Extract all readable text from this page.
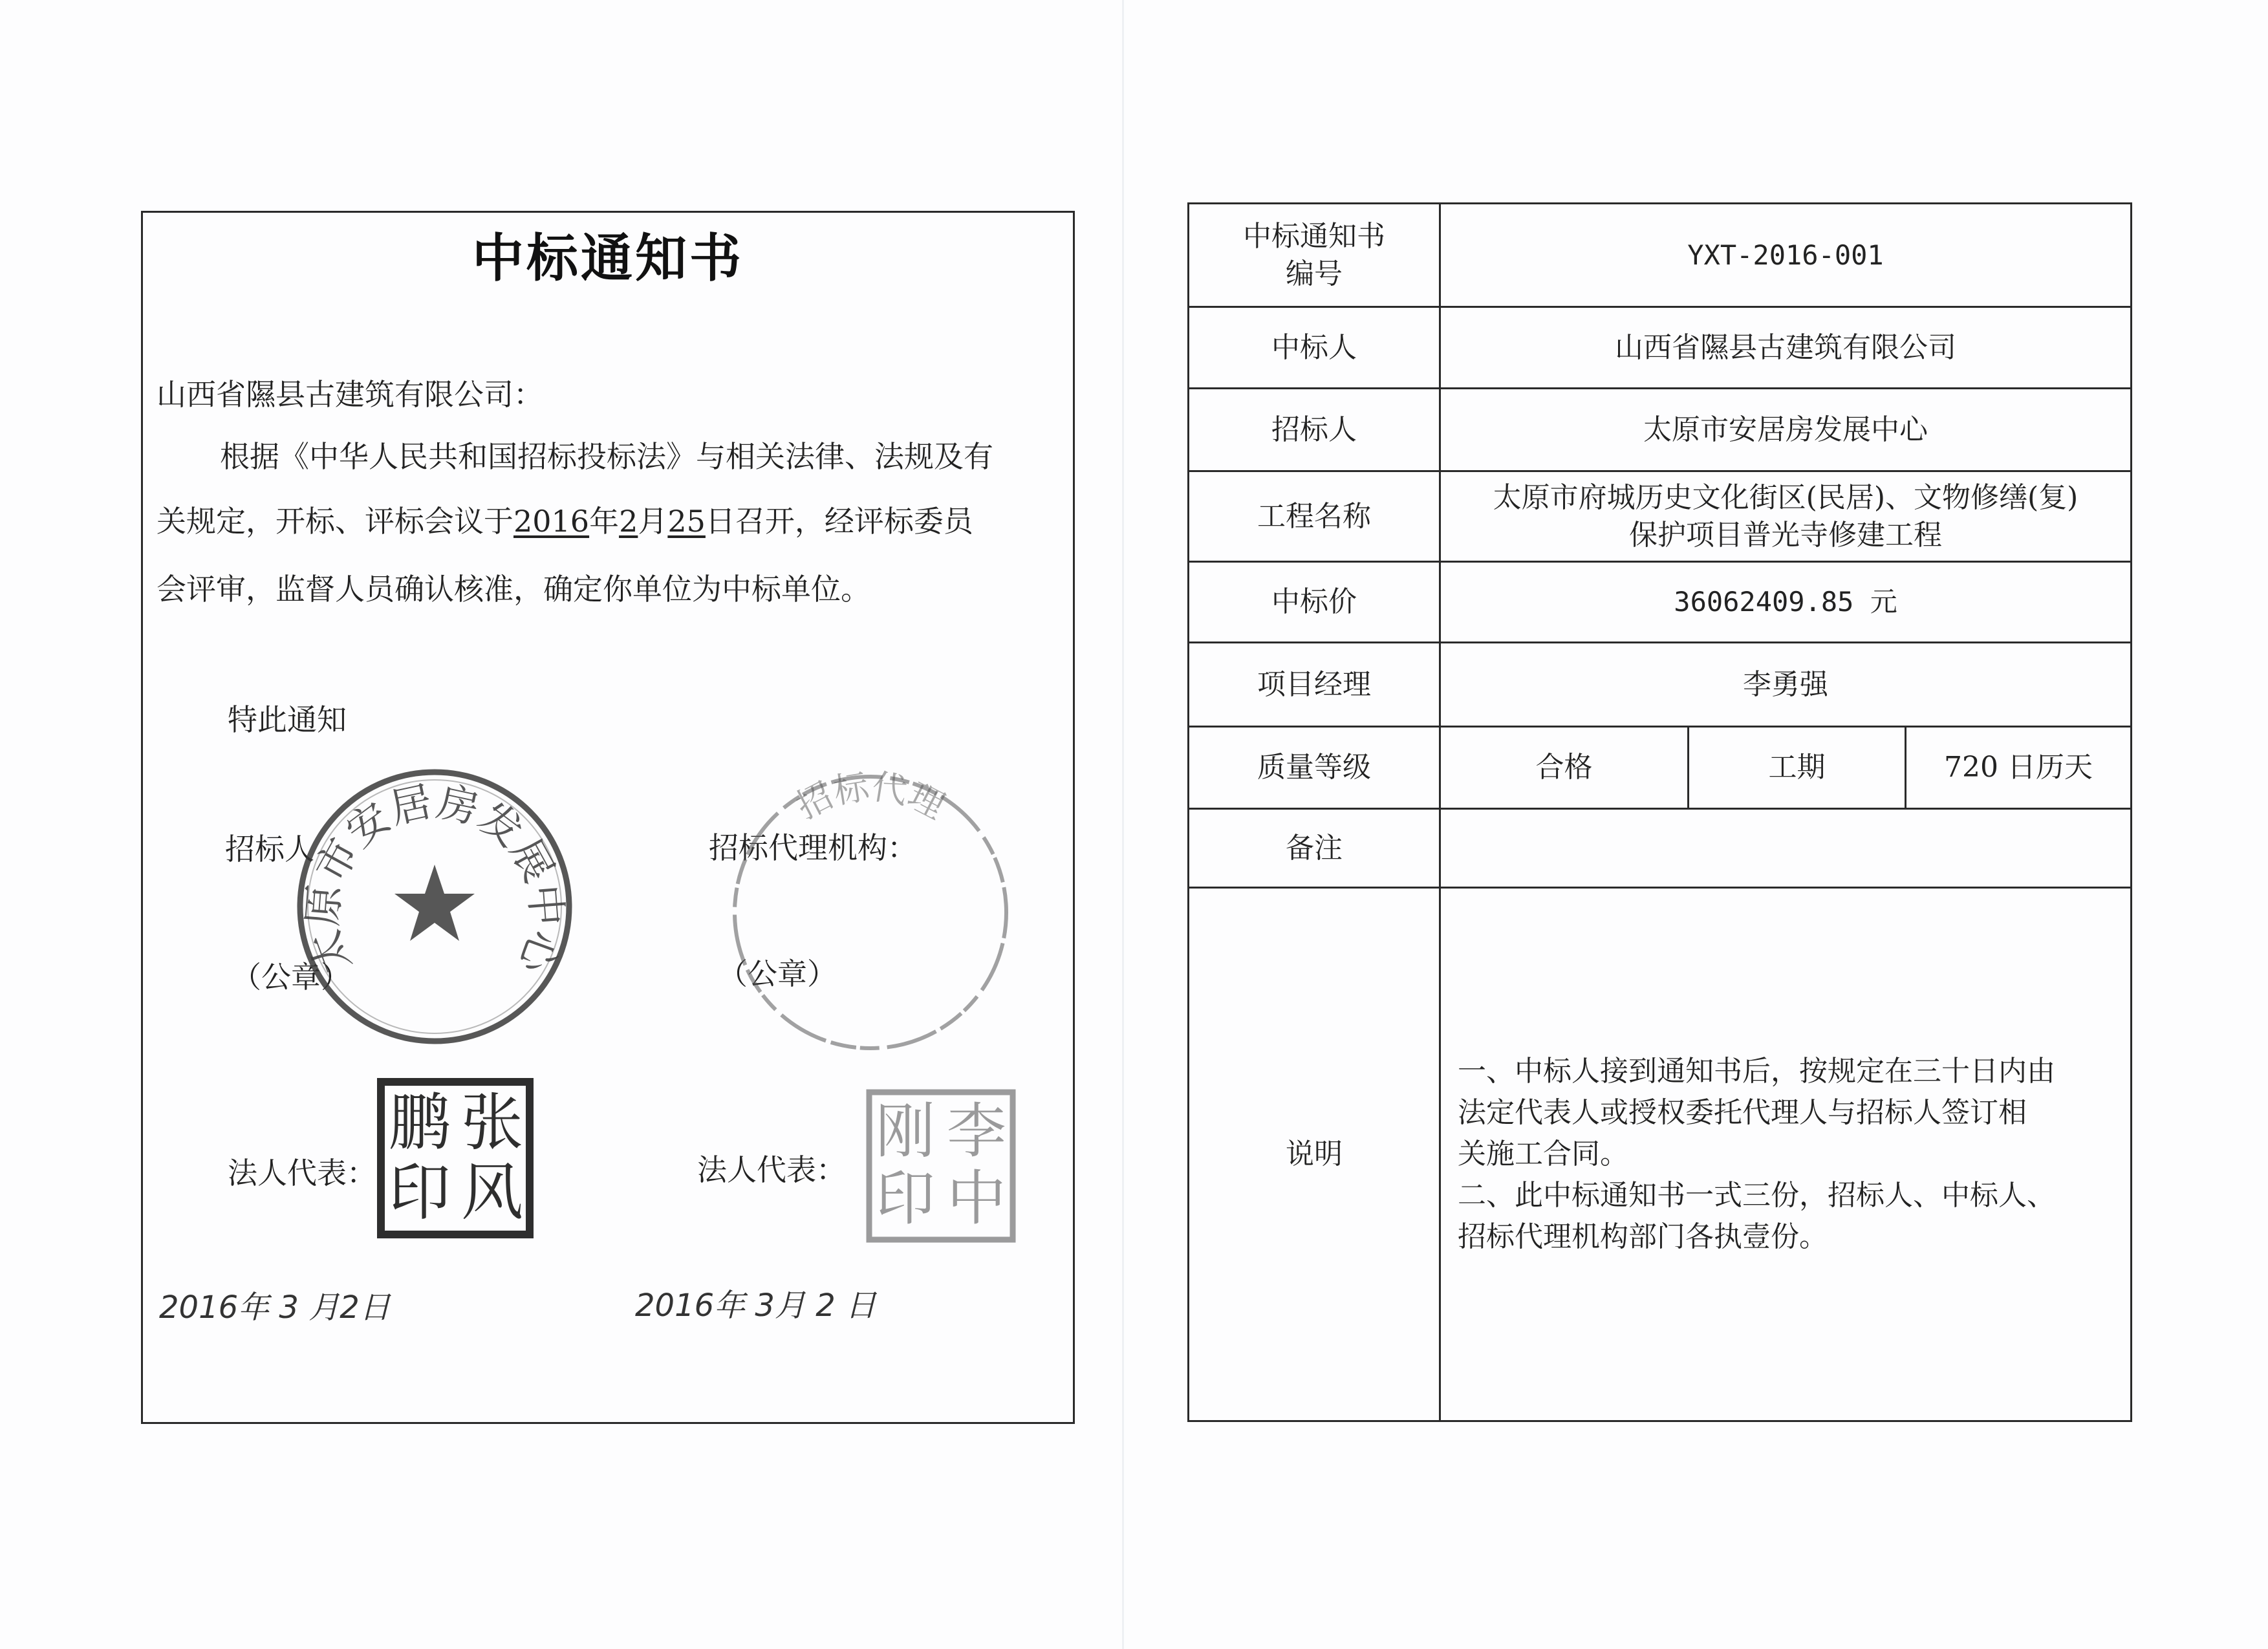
中标通知书
山西省隰县古建筑有限公司：
根据《中华人民共和国招标投标法》与相关法律、法规及有
关规定，开标、评标会议于2016年2月25日召开，经评标委员
会评审，监督人员确认核准，确定你单位为中标单位。
特此通知
招标人	招标代理机构：
（公章）	（公章）
法人代表：	法人代表：
2016年 3 月2日	2016年 3月 2 日
太原市安居房发展中心
招标代理
张
风
鹏
印
李
中
刚
印
中标通知书
编号	YXT-2016-001		
中标人	山西省隰县古建筑有限公司		
招标人	太原市安居房发展中心		
工程名称	太原市府城历史文化街区(民居)、文物修缮(复)
保护项目普光寺修建工程		

中标价	36062409.85 元		
项目经理	李勇强		
质量等级	合格	工期	720 日历天
备注			
说明	一、中标人接到通知书后，按规定在三十日内由
法定代表人或授权委托代理人与招标人签订相
关施工合同。
二、此中标通知书一式三份，招标人、中标人、
招标代理机构部门各执壹份。		
